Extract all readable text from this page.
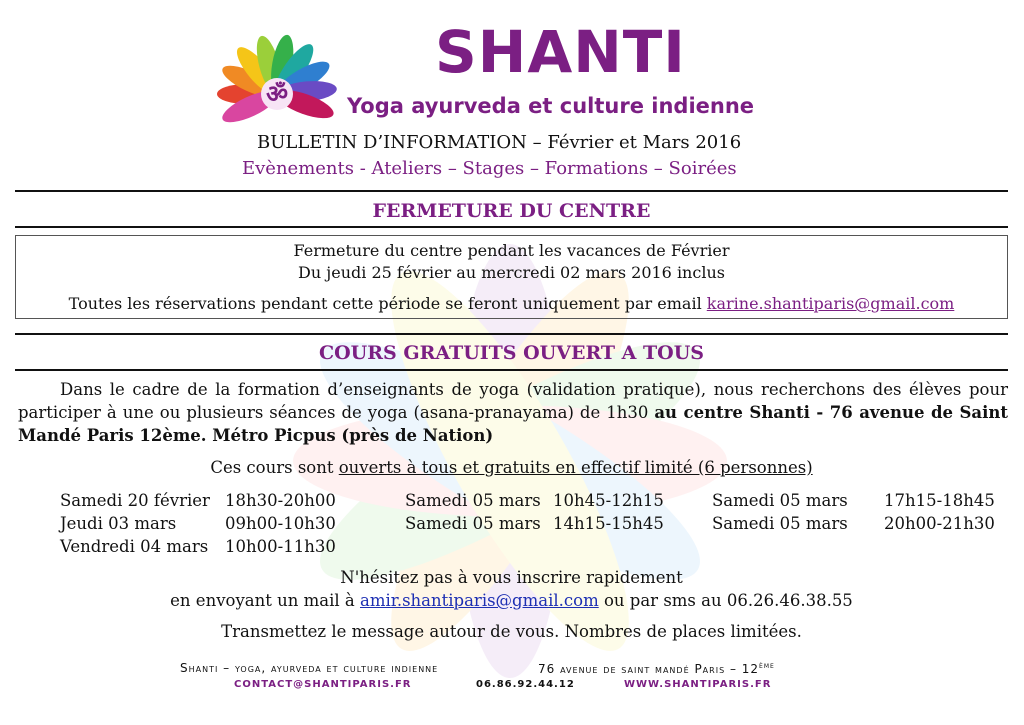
ॐ
SHANTI
Yoga ayurveda et culture indienne
BULLETIN D’INFORMATION – Février et Mars 2016
Evènements - Ateliers – Stages – Formations – Soirées
FERMETURE DU CENTRE
Fermeture du centre pendant les vacances de Février
Du jeudi 25 février au mercredi 02 mars 2016 inclus
Toutes les réservations pendant cette période se feront uniquement par email karine.shantiparis@gmail.com
COURS GRATUITS OUVERT A TOUS
Dans le cadre de la formation d’enseignants de yoga (validation pratique), nous recherchons des élèves pour participer à une ou plusieurs séances de yoga (asana-pranayama) de 1h30 au centre Shanti - 76 avenue de Saint Mandé Paris 12ème. Métro Picpus (près de Nation)
Ces cours sont ouverts à tous et gratuits en effectif limité (6 personnes)
Samedi 20 février 18h30-20h00
Jeudi 03 mars	09h00-10h30
Vendredi 04 mars 10h00-11h30
Samedi 05 mars 10h45-12h15
Samedi 05 mars 14h15-15h45
Samedi 05 mars 17h15-18h45
Samedi 05 mars 20h00-21h30
N'hésitez pas à vous inscrire rapidement
en envoyant un mail à amir.shantiparis@gmail.com ou par sms au 06.26.46.38.55
Transmettez le message autour de vous. Nombres de places limitées.
Shanti – yoga, ayurveda et culture indienne	76 avenue de saint mandé Paris – 12ème
CONTACT@SHANTIPARIS.FR	06.86.92.44.12	WWW.SHANTIPARIS.FR
